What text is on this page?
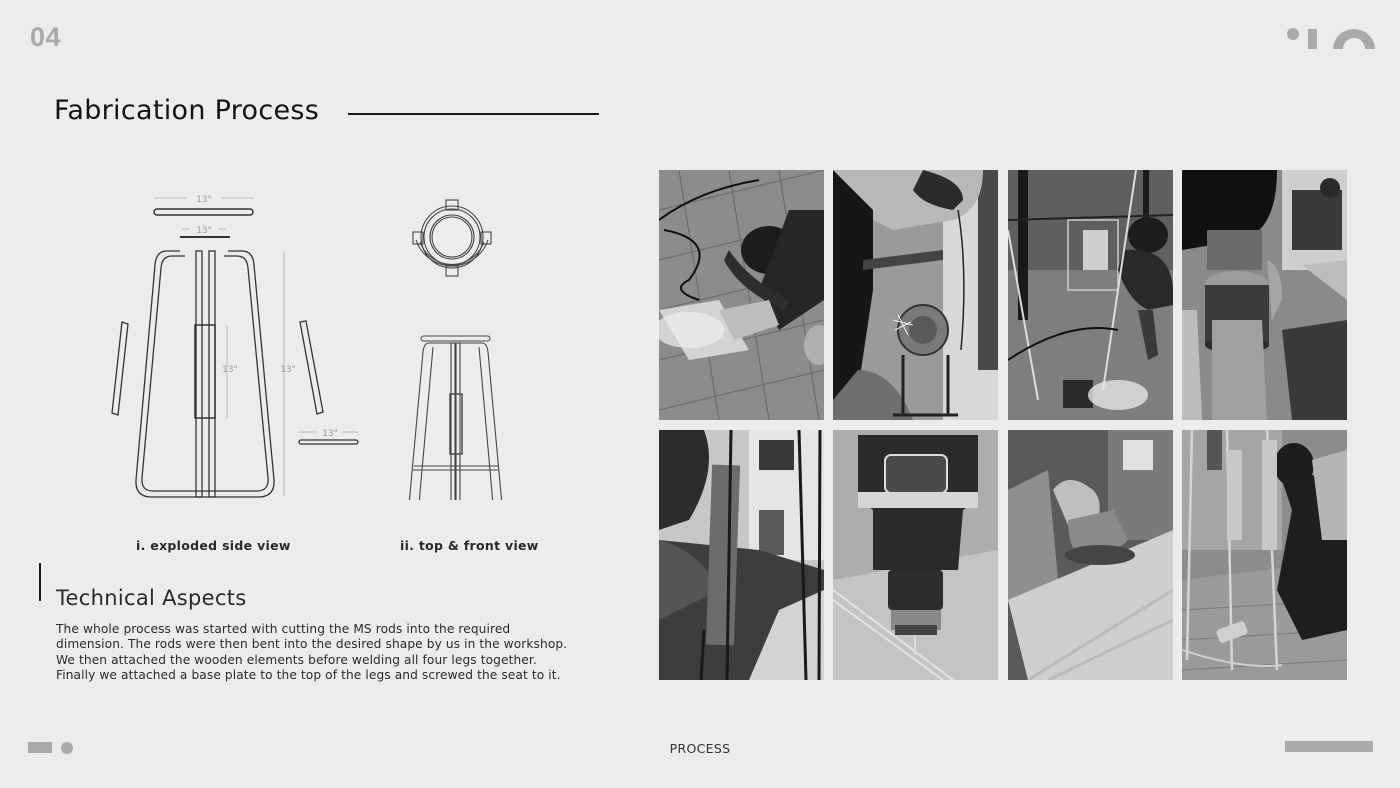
04
Fabrication Process
13"
13"
13"	13"
13"
i. exploded side view	ii. top & front view
Technical Aspects

The whole process was started with cutting the MS rods into the required

dimension. The rods were then bent into the desired shape by us in the workshop.

We then attached the wooden elements before welding all four legs together.

Finally we attached a base plate to the top of the legs and screwed the seat to it.

PROCESS
